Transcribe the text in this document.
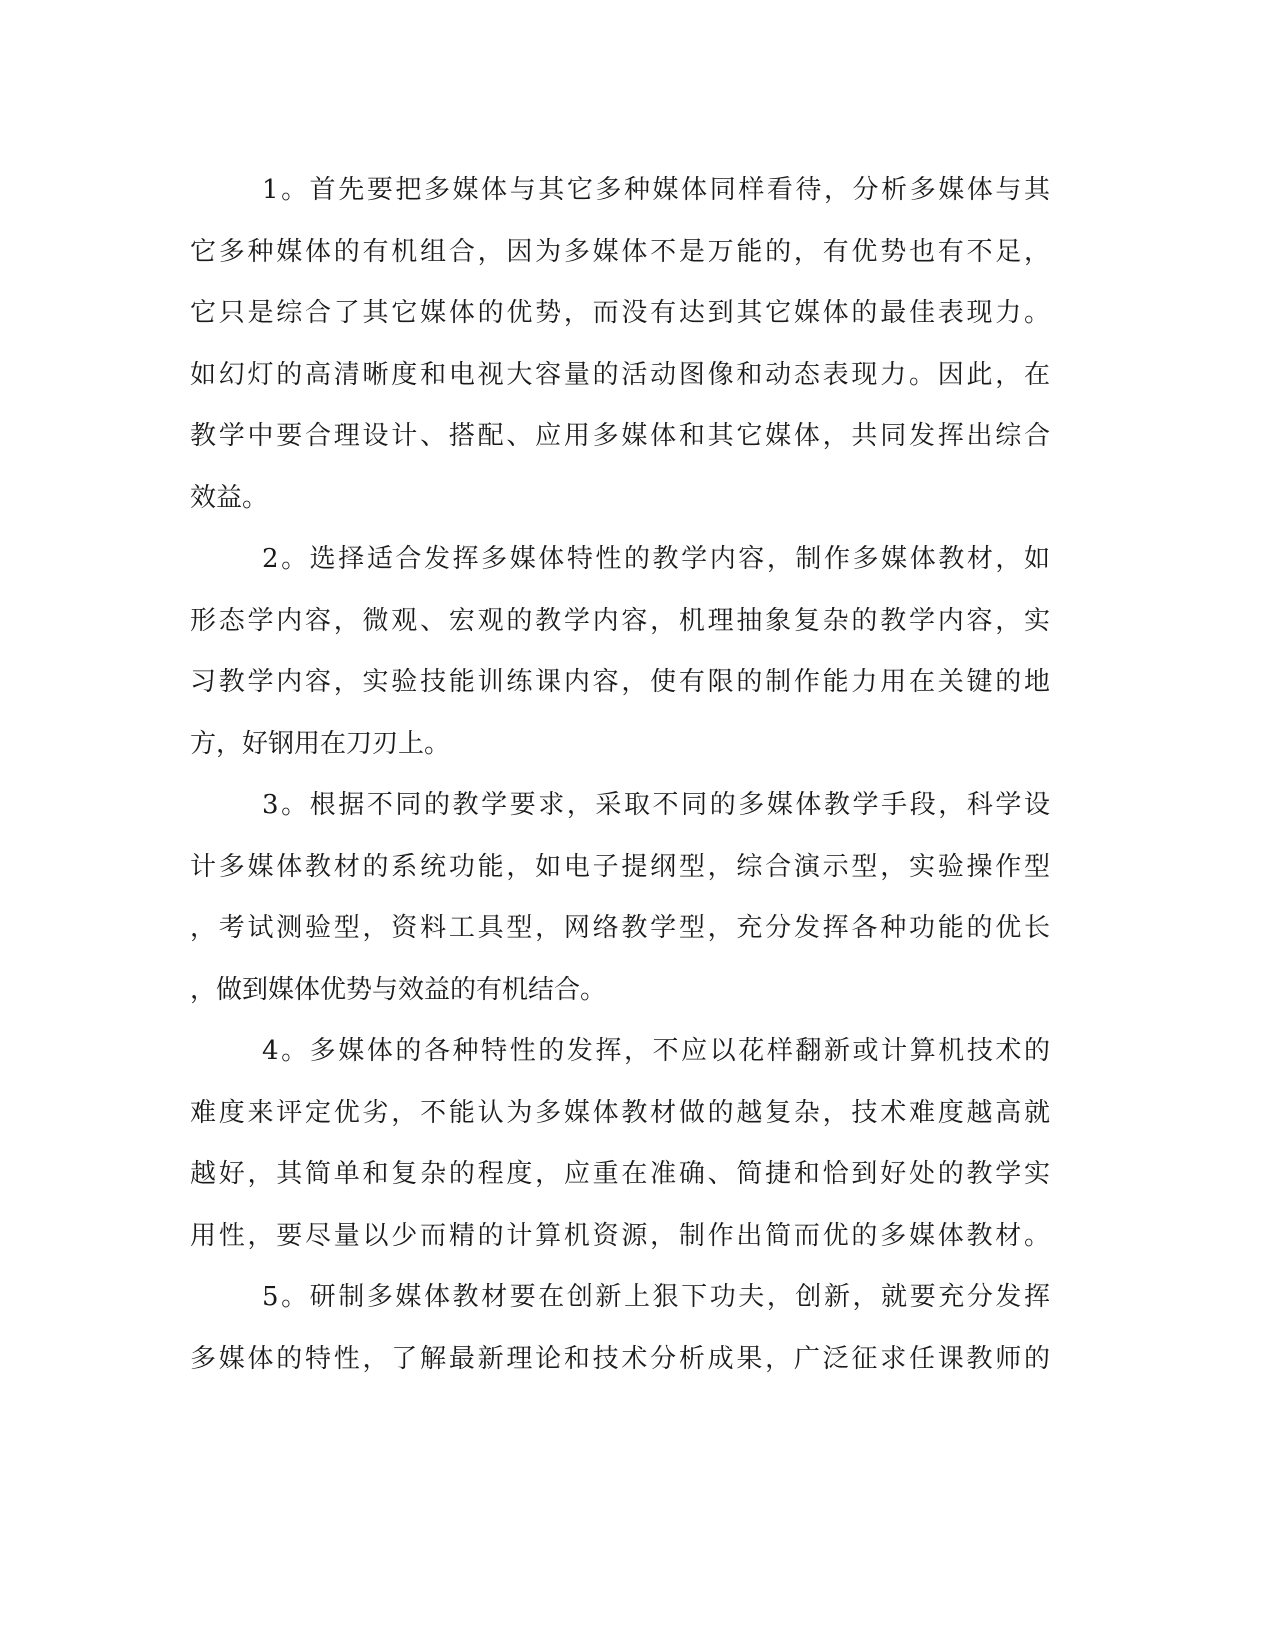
1。首先要把多媒体与其它多种媒体同样看待，分析多媒体与其
它多种媒体的有机组合，因为多媒体不是万能的，有优势也有不足，
它只是综合了其它媒体的优势，而没有达到其它媒体的最佳表现力。
如幻灯的高清晰度和电视大容量的活动图像和动态表现力。因此，在
教学中要合理设计、搭配、应用多媒体和其它媒体，共同发挥出综合
效益。
2。选择适合发挥多媒体特性的教学内容，制作多媒体教材，如
形态学内容，微观、宏观的教学内容，机理抽象复杂的教学内容，实
习教学内容，实验技能训练课内容，使有限的制作能力用在关键的地
方，好钢用在刀刃上。
3。根据不同的教学要求，采取不同的多媒体教学手段，科学设
计多媒体教材的系统功能，如电子提纲型，综合演示型，实验操作型
，考试测验型，资料工具型，网络教学型，充分发挥各种功能的优长
，做到媒体优势与效益的有机结合。
4。多媒体的各种特性的发挥，不应以花样翻新或计算机技术的
难度来评定优劣，不能认为多媒体教材做的越复杂，技术难度越高就
越好，其简单和复杂的程度，应重在准确、简捷和恰到好处的教学实
用性，要尽量以少而精的计算机资源，制作出简而优的多媒体教材。
5。研制多媒体教材要在创新上狠下功夫，创新，就要充分发挥
多媒体的特性，了解最新理论和技术分析成果，广泛征求任课教师的
